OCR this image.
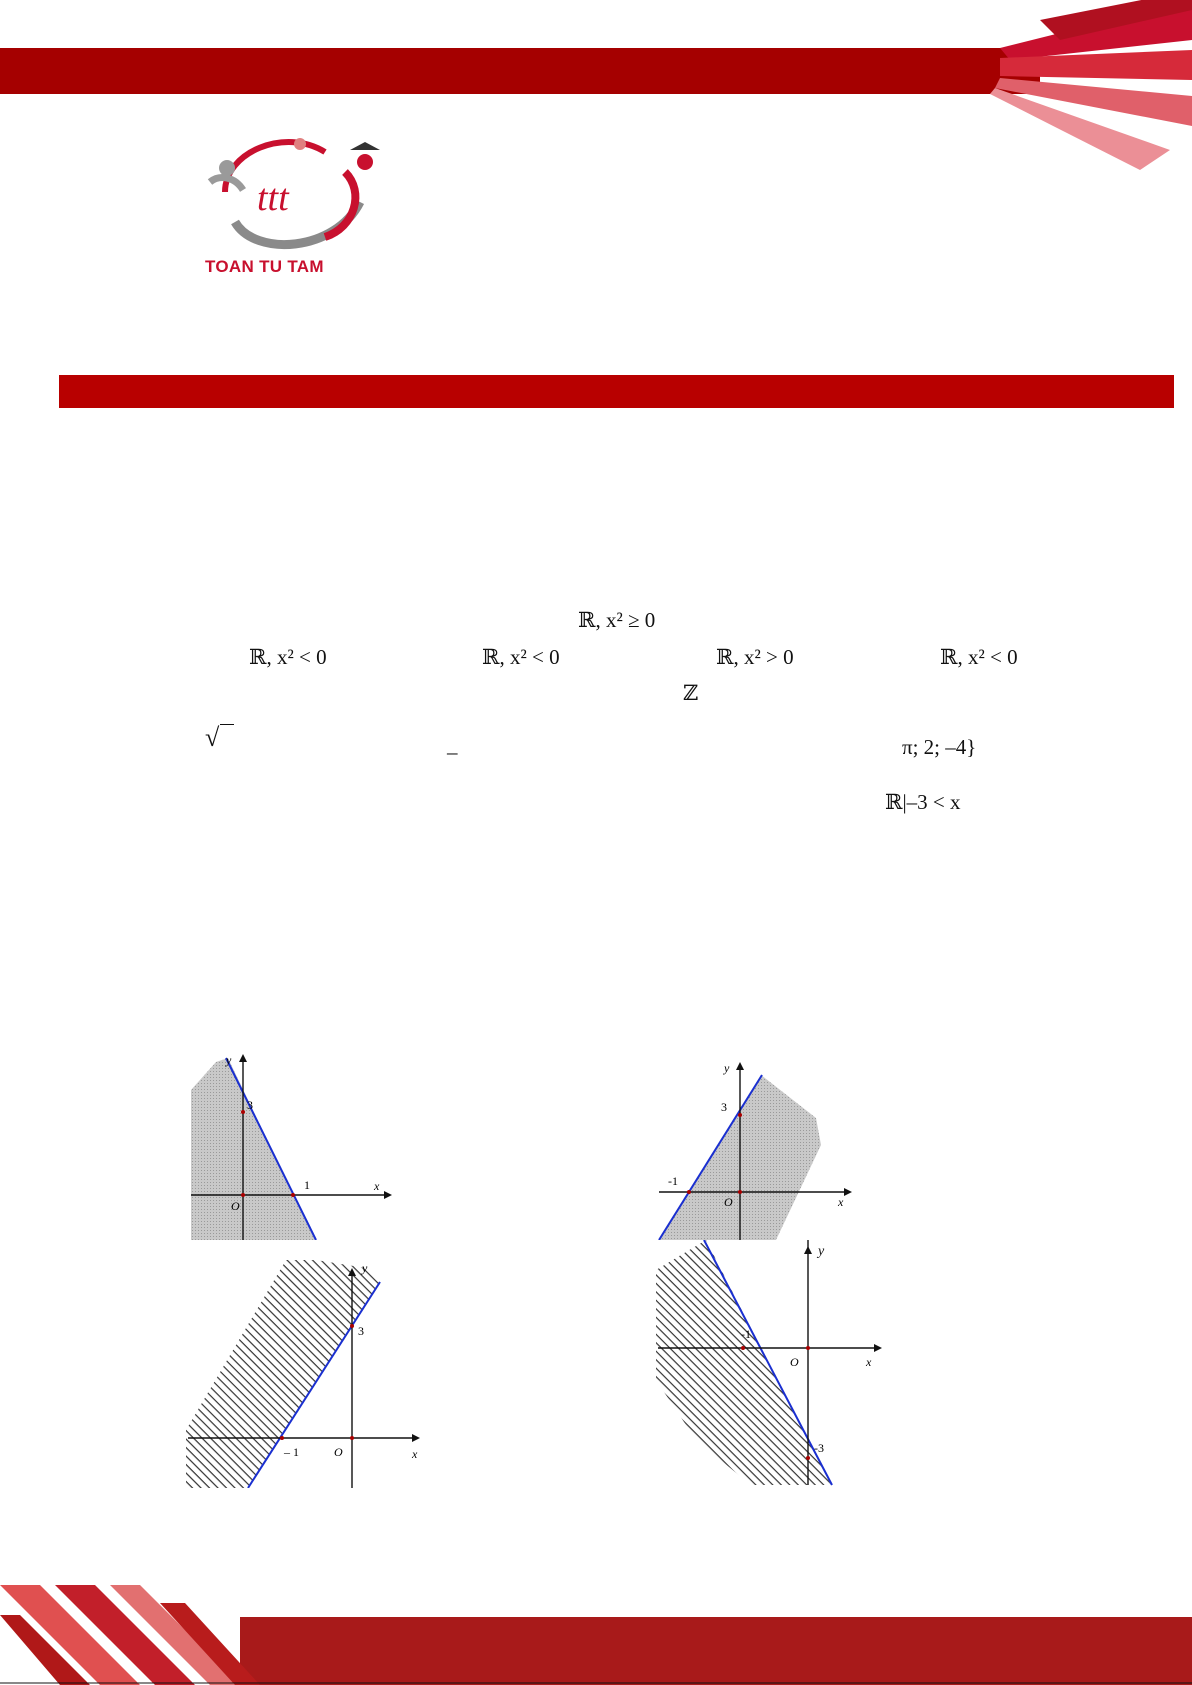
ttt
TOAN TU TAM
ℝ, x² ≥ 0
ℝ, x² < 0	ℝ, x² < 0	ℝ, x² > 0	ℝ, x² < 0
ℤ
√	–	π; 2; –4}
ℝ|–3 < x
y
x
O
3
1
y
x
O
3
-1
y
x
O
3
– 1
x
O
-1
-3
y
